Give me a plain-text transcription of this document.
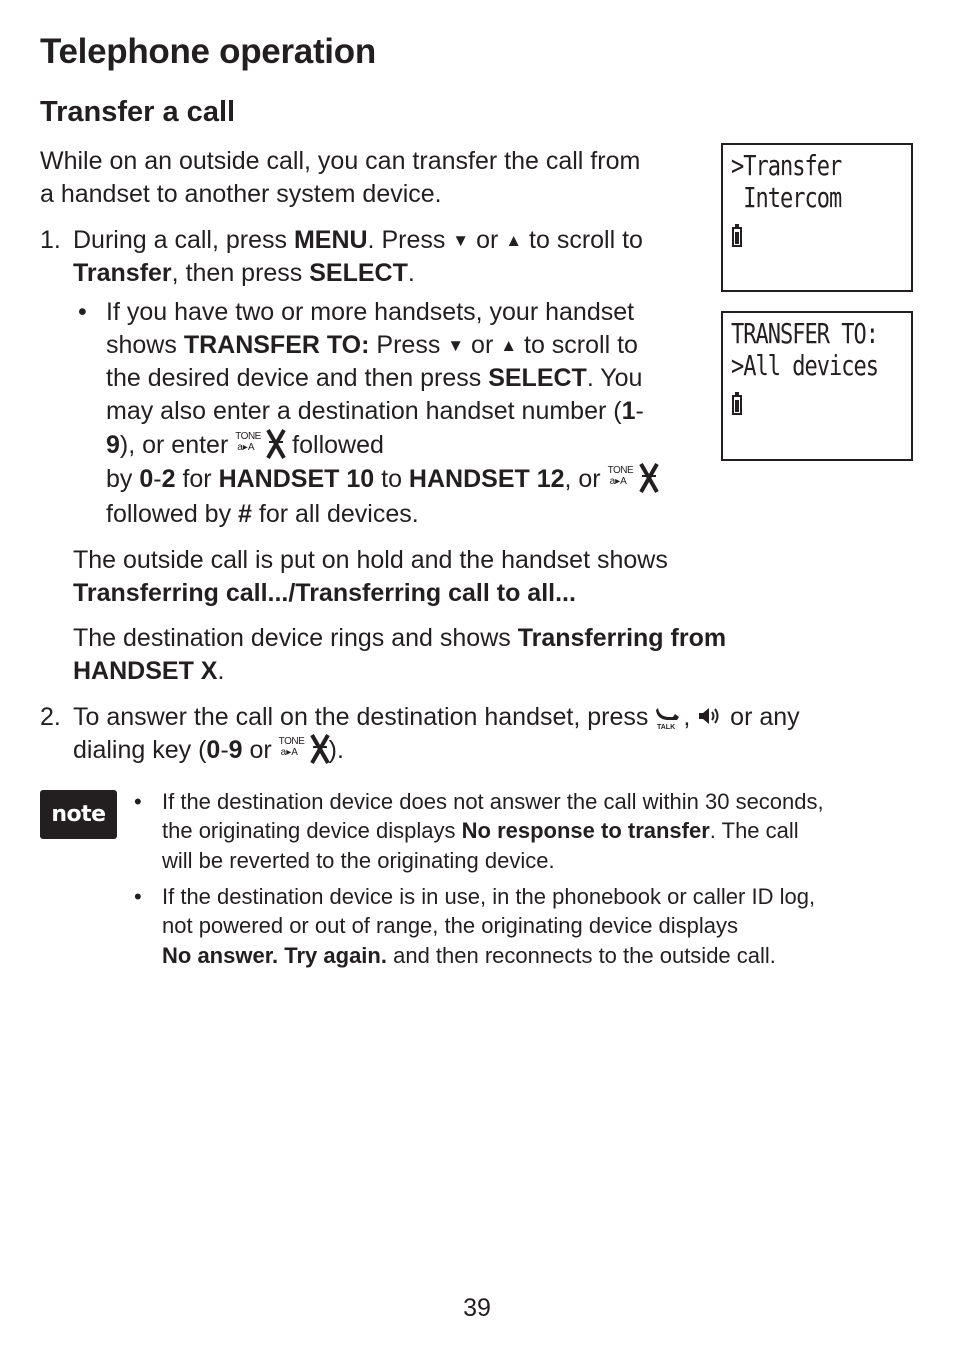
Telephone operation
Transfer a call
While on an outside call, you can transfer the call from
a handset to another system device.
1. During a call, press MENU. Press ▼ or ▲ to scroll to
Transfer, then press SELECT.
• If you have two or more handsets, your handset
shows TRANSFER TO: Press ▼ or ▲ to scroll to
the desired device and then press SELECT. You
may also enter a destination handset number (1-
9), or enter TONE
a▸A followed
by 0-2 for HANDSET 10 to HANDSET 12, or TONE
a▸A
followed by # for all devices.
The outside call is put on hold and the handset shows
Transferring call.../Transferring call to all...
The destination device rings and shows Transferring from
HANDSET X.
2. To answer the call on the destination handset, press TALK ,
or any
dialing key (0-9 or TONE
a▸A ).
>Transfer
Intercom
TRANSFER TO:
>All devices
note
• If the destination device does not answer the call within 30 seconds,
the originating device displays No response to transfer. The call
will be reverted to the originating device.
• If the destination device is in use, in the phonebook or caller ID log,
not powered or out of range, the originating device displays
No answer. Try again. and then reconnects to the outside call.
39
